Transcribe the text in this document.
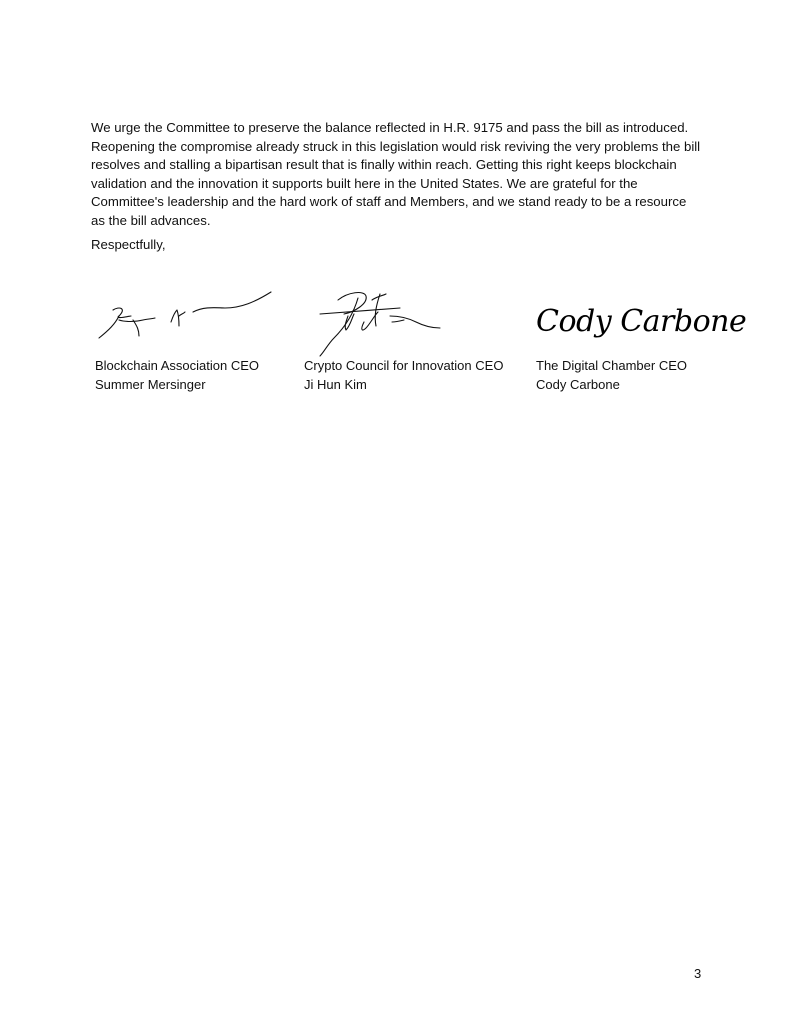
We urge the Committee to preserve the balance reflected in H.R. 9175 and pass the bill as introduced. Reopening the compromise already struck in this legislation would risk reviving the very problems the bill resolves and stalling a bipartisan result that is finally within reach. Getting this right keeps blockchain validation and the innovation it supports built here in the United States. We are grateful for the Committee's leadership and the hard work of staff and Members, and we stand ready to be a resource as the bill advances.

Respectfully,

Blockchain Association CEO
Summer Mersinger
Crypto Council for Innovation CEO
Ji Hun Kim
Cody Carbone
The Digital Chamber CEO
Cody Carbone
3
